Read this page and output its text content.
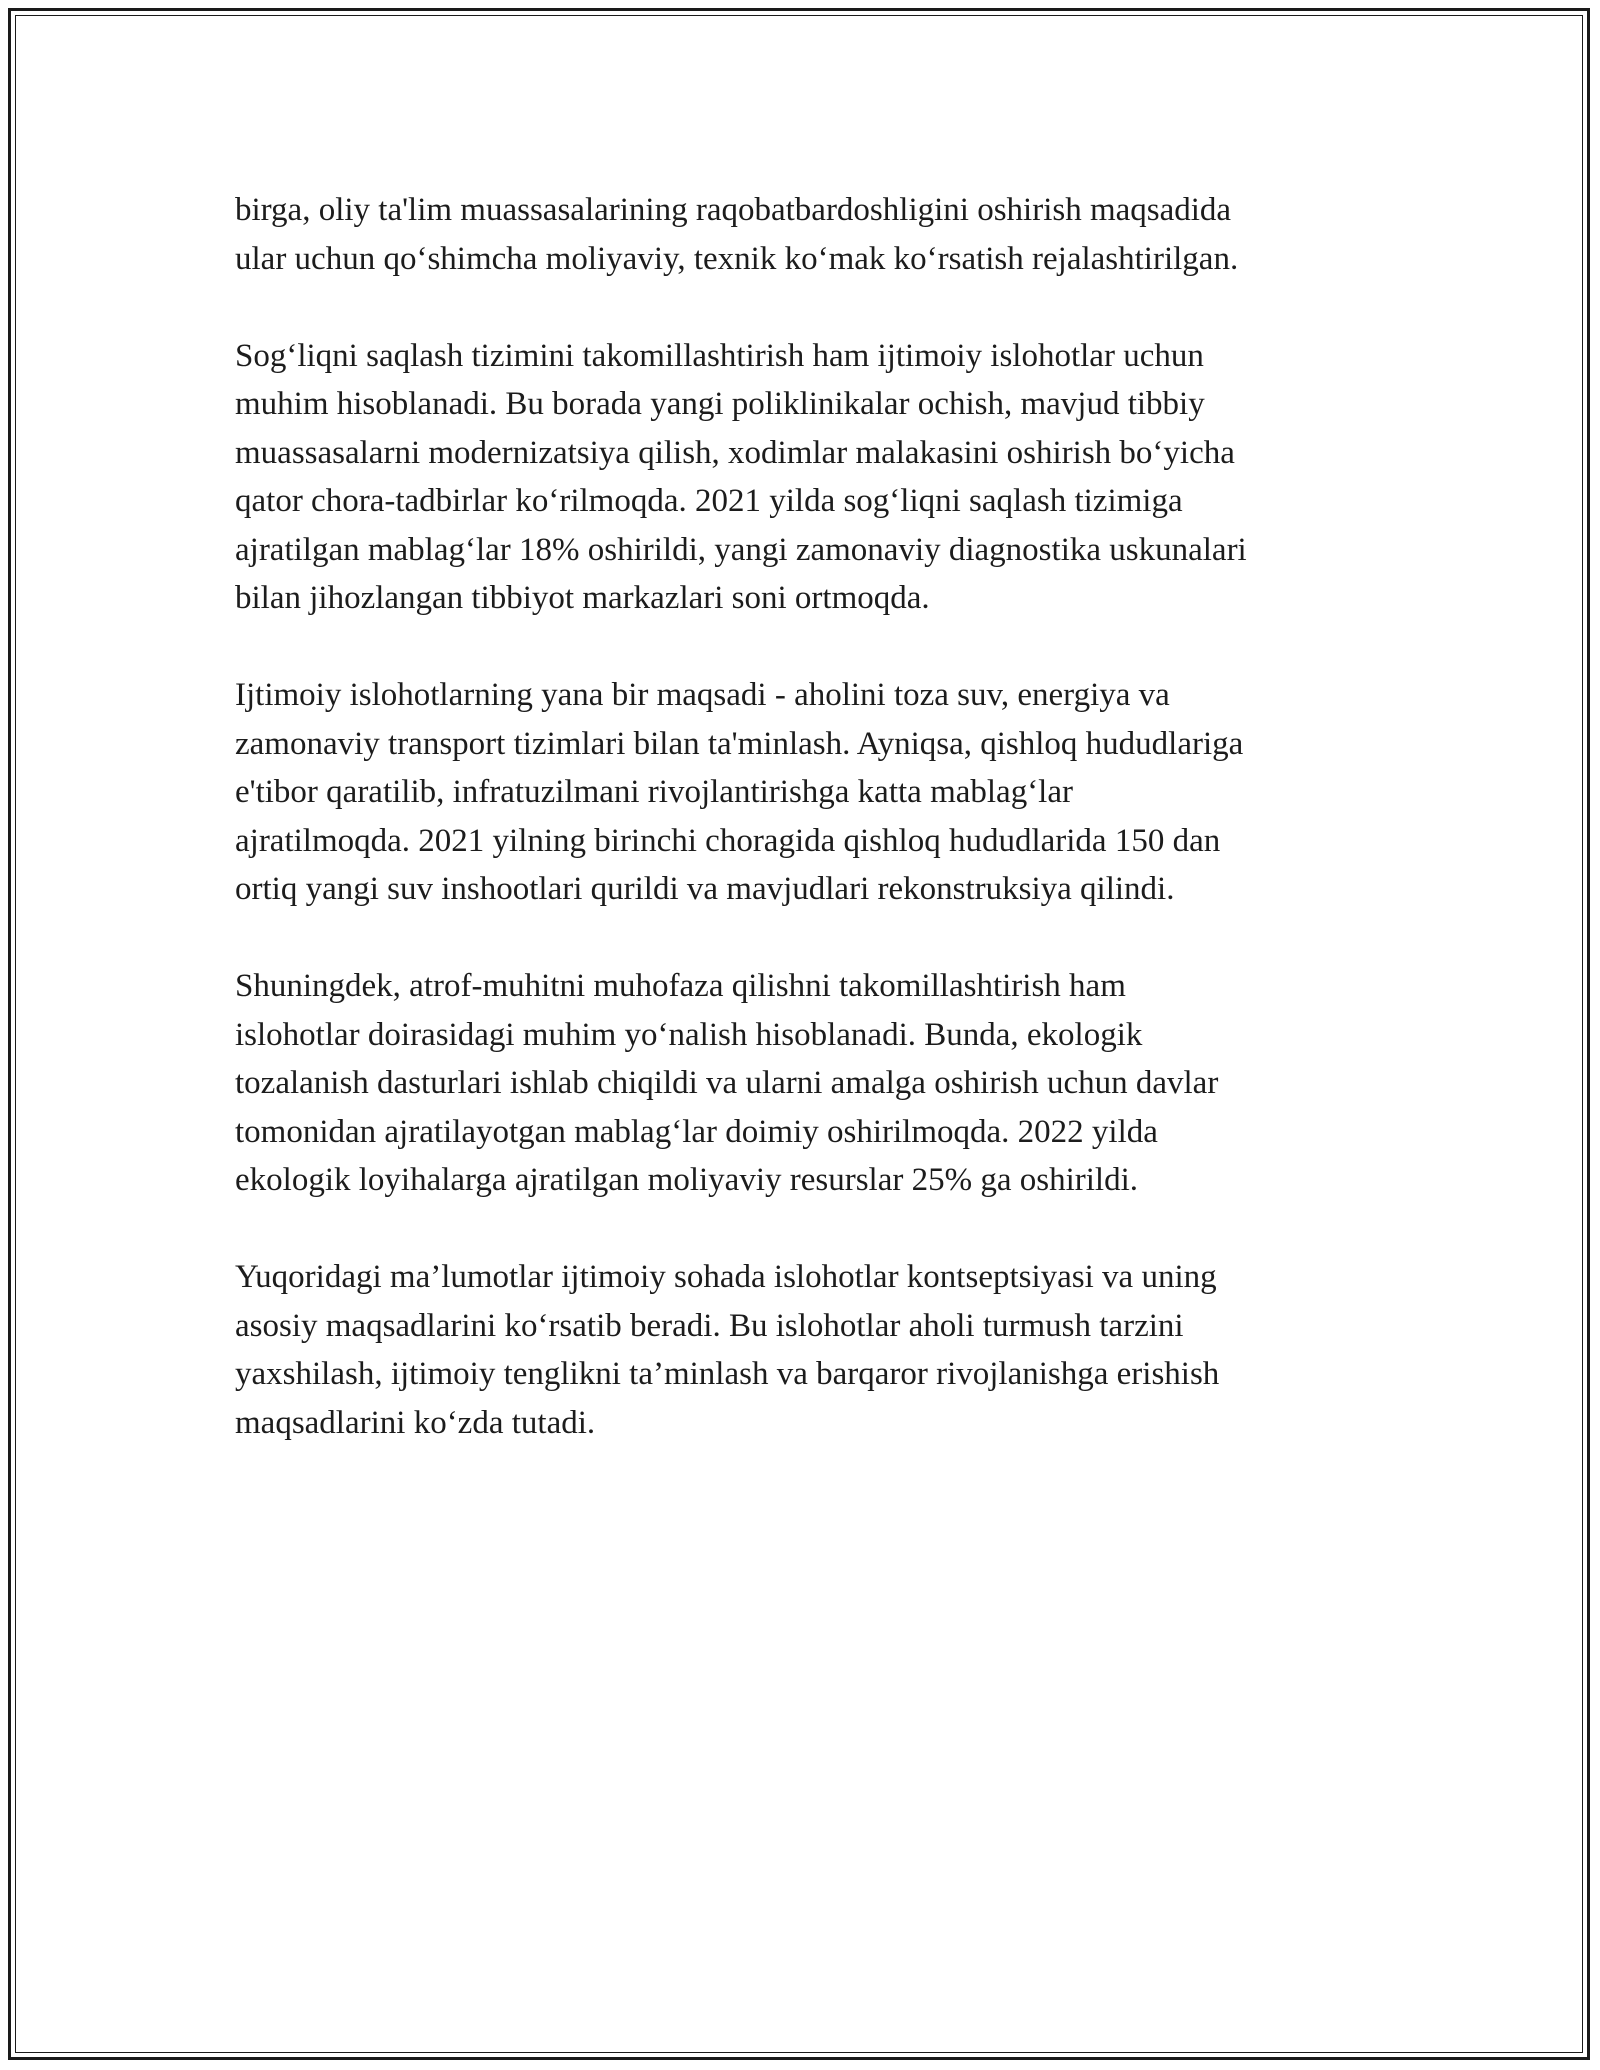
birga, oliy ta'lim muassasalarining raqobatbardoshligini oshirish maqsadida
ular uchun qo‘shimcha moliyaviy, texnik ko‘mak ko‘rsatish rejalashtirilgan.

Sog‘liqni saqlash tizimini takomillashtirish ham ijtimoiy islohotlar uchun
muhim hisoblanadi. Bu borada yangi poliklinikalar ochish, mavjud tibbiy
muassasalarni modernizatsiya qilish, xodimlar malakasini oshirish bo‘yicha
qator chora-tadbirlar ko‘rilmoqda. 2021 yilda sog‘liqni saqlash tizimiga
ajratilgan mablag‘lar 18% oshirildi, yangi zamonaviy diagnostika uskunalari
bilan jihozlangan tibbiyot markazlari soni ortmoqda.

Ijtimoiy islohotlarning yana bir maqsadi - aholini toza suv, energiya va
zamonaviy transport tizimlari bilan ta'minlash. Ayniqsa, qishloq hududlariga
e'tibor qaratilib, infratuzilmani rivojlantirishga katta mablag‘lar
ajratilmoqda. 2021 yilning birinchi choragida qishloq hududlarida 150 dan
ortiq yangi suv inshootlari qurildi va mavjudlari rekonstruksiya qilindi.

Shuningdek, atrof-muhitni muhofaza qilishni takomillashtirish ham
islohotlar doirasidagi muhim yo‘nalish hisoblanadi. Bunda, ekologik
tozalanish dasturlari ishlab chiqildi va ularni amalga oshirish uchun davlar
tomonidan ajratilayotgan mablag‘lar doimiy oshirilmoqda. 2022 yilda
ekologik loyihalarga ajratilgan moliyaviy resurslar 25% ga oshirildi.

Yuqoridagi ma’lumotlar ijtimoiy sohada islohotlar kontseptsiyasi va uning
asosiy maqsadlarini ko‘rsatib beradi. Bu islohotlar aholi turmush tarzini
yaxshilash, ijtimoiy tenglikni ta’minlash va barqaror rivojlanishga erishish
maqsadlarini ko‘zda tutadi.
